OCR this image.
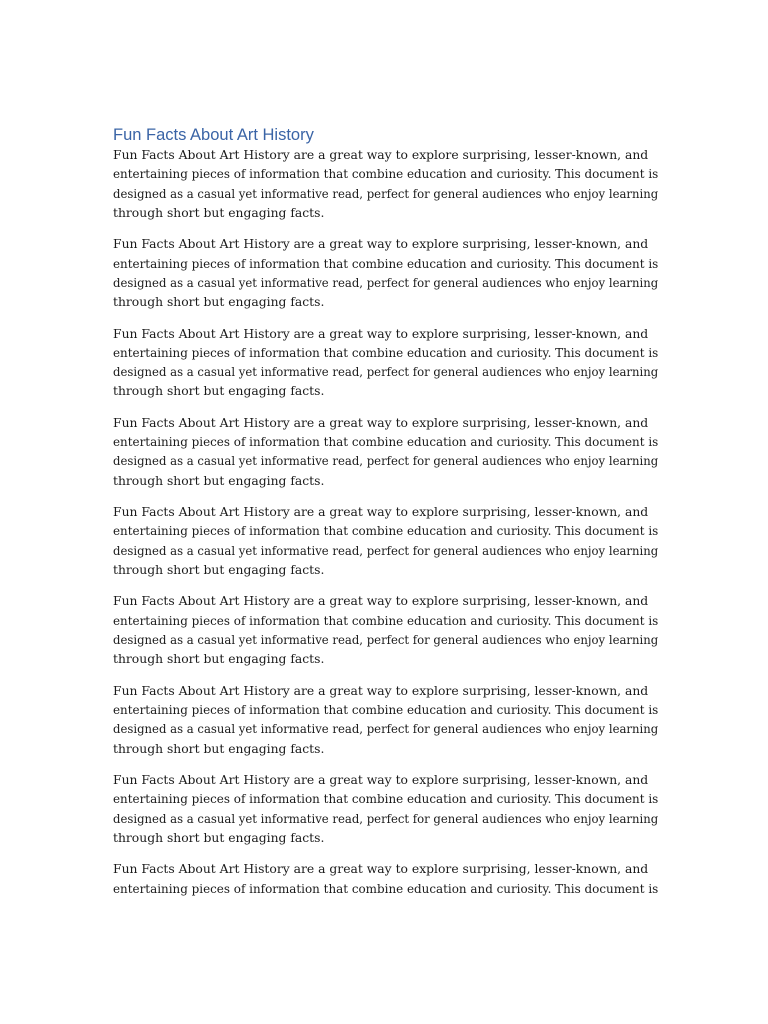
Fun Facts About Art History

Fun Facts About Art History are a great way to explore surprising, lesser-known, and
entertaining pieces of information that combine education and curiosity. This document is
designed as a casual yet informative read, perfect for general audiences who enjoy learning
through short but engaging facts.

Fun Facts About Art History are a great way to explore surprising, lesser-known, and
entertaining pieces of information that combine education and curiosity. This document is
designed as a casual yet informative read, perfect for general audiences who enjoy learning
through short but engaging facts.

Fun Facts About Art History are a great way to explore surprising, lesser-known, and
entertaining pieces of information that combine education and curiosity. This document is
designed as a casual yet informative read, perfect for general audiences who enjoy learning
through short but engaging facts.

Fun Facts About Art History are a great way to explore surprising, lesser-known, and
entertaining pieces of information that combine education and curiosity. This document is
designed as a casual yet informative read, perfect for general audiences who enjoy learning
through short but engaging facts.

Fun Facts About Art History are a great way to explore surprising, lesser-known, and
entertaining pieces of information that combine education and curiosity. This document is
designed as a casual yet informative read, perfect for general audiences who enjoy learning
through short but engaging facts.

Fun Facts About Art History are a great way to explore surprising, lesser-known, and
entertaining pieces of information that combine education and curiosity. This document is
designed as a casual yet informative read, perfect for general audiences who enjoy learning
through short but engaging facts.

Fun Facts About Art History are a great way to explore surprising, lesser-known, and
entertaining pieces of information that combine education and curiosity. This document is
designed as a casual yet informative read, perfect for general audiences who enjoy learning
through short but engaging facts.

Fun Facts About Art History are a great way to explore surprising, lesser-known, and
entertaining pieces of information that combine education and curiosity. This document is
designed as a casual yet informative read, perfect for general audiences who enjoy learning
through short but engaging facts.

Fun Facts About Art History are a great way to explore surprising, lesser-known, and
entertaining pieces of information that combine education and curiosity. This document is
